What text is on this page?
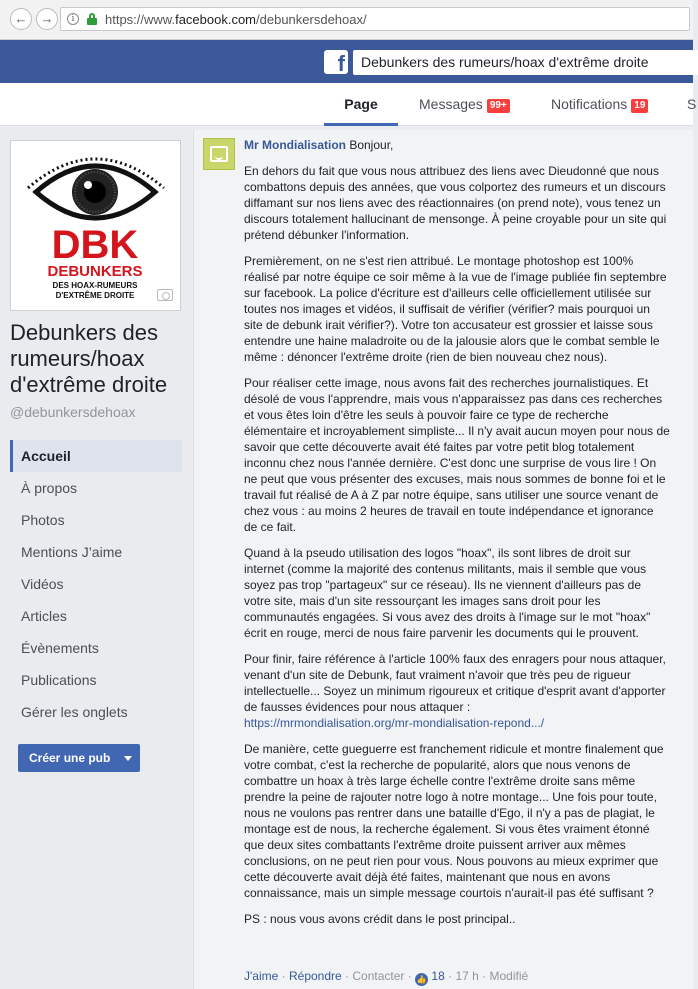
←	→	i	https://www.facebook.com/debunkersdehoax/
f	Debunkers des rumeurs/hoax d'extrême droite
Page	Messages 99+	Notifications 19	S
DBK
DEBUNKERS
DES HOAX-RUMEURS
D'EXTRÊME DROITE
Debunkers des rumeurs/hoax d'extrême droite
@debunkersdehoax
Accueil
À propos
Photos
Mentions J’aime
Vidéos
Articles
Évènements
Publications
Gérer les onglets
Créer une pub

Mr Mondialisation Bonjour,

En dehors du fait que vous nous attribuez des liens avec Dieudonné que nous combattons depuis des années, que vous colportez des rumeurs et un discours diffamant sur nos liens avec des réactionnaires (on prend note), vous tenez un discours totalement hallucinant de mensonge. À peine croyable pour un site qui prétend débunker l'information.

Premièrement, on ne s'est rien attribué. Le montage photoshop est 100% réalisé par notre équipe ce soir même à la vue de l'image publiée fin septembre sur facebook. La police d'écriture est d'ailleurs celle officiellement utilisée sur toutes nos images et vidéos, il suffisait de vérifier (vérifier? mais pourquoi un site de debunk irait vérifier?). Votre ton accusateur est grossier et laisse sous entendre une haine maladroite ou de la jalousie alors que le combat semble le même : dénoncer l'extrême droite (rien de bien nouveau chez nous).

Pour réaliser cette image, nous avons fait des recherches journalistiques. Et désolé de vous l'apprendre, mais vous n'apparaissez pas dans ces recherches et vous êtes loin d'être les seuls à pouvoir faire ce type de recherche élémentaire et incroyablement simpliste... Il n'y avait aucun moyen pour nous de savoir que cette découverte avait été faites par votre petit blog totalement inconnu chez nous l'année dernière. C'est donc une surprise de vous lire ! On ne peut que vous présenter des excuses, mais nous sommes de bonne foi et le travail fut réalisé de A à Z par notre équipe, sans utiliser une source venant de chez vous : au moins 2 heures de travail en toute indépendance et ignorance de ce fait.

Quand à la pseudo utilisation des logos "hoax", ils sont libres de droit sur internet (comme la majorité des contenus militants, mais il semble que vous soyez pas trop "partageux" sur ce réseau). Ils ne viennent d'ailleurs pas de votre site, mais d'un site ressourçant les images sans droit pour les communautés engagées. Si vous avez des droits à l'image sur le mot "hoax" écrit en rouge, merci de nous faire parvenir les documents qui le prouvent.

Pour finir, faire référence à l'article 100% faux des enragers pour nous attaquer, venant d'un site de Debunk, faut vraiment n'avoir que très peu de rigueur intellectuelle... Soyez un minimum rigoureux et critique d'esprit avant d'apporter de fausses évidences pour nous attaquer :
https://mrmondialisation.org/mr-mondialisation-repond.../

De manière, cette gueguerre est franchement ridicule et montre finalement que votre combat, c'est la recherche de popularité, alors que nous venons de combattre un hoax à très large échelle contre l'extrême droite sans même prendre la peine de rajouter notre logo à notre montage... Une fois pour toute, nous ne voulons pas rentrer dans une bataille d'Ego, il n'y a pas de plagiat, le montage est de nous, la recherche également. Si vous êtes vraiment étonné que deux sites combattants l'extrême droite puissent arriver aux mêmes conclusions, on ne peut rien pour vous. Nous pouvons au mieux exprimer que cette découverte avait déjà été faites, maintenant que nous en avons connaissance, mais un simple message courtois n'aurait-il pas été suffisant ?

PS : nous vous avons crédit dans le post principal..

J'aime · Répondre · Contacter · 👍 18 · 17 h · Modifié
